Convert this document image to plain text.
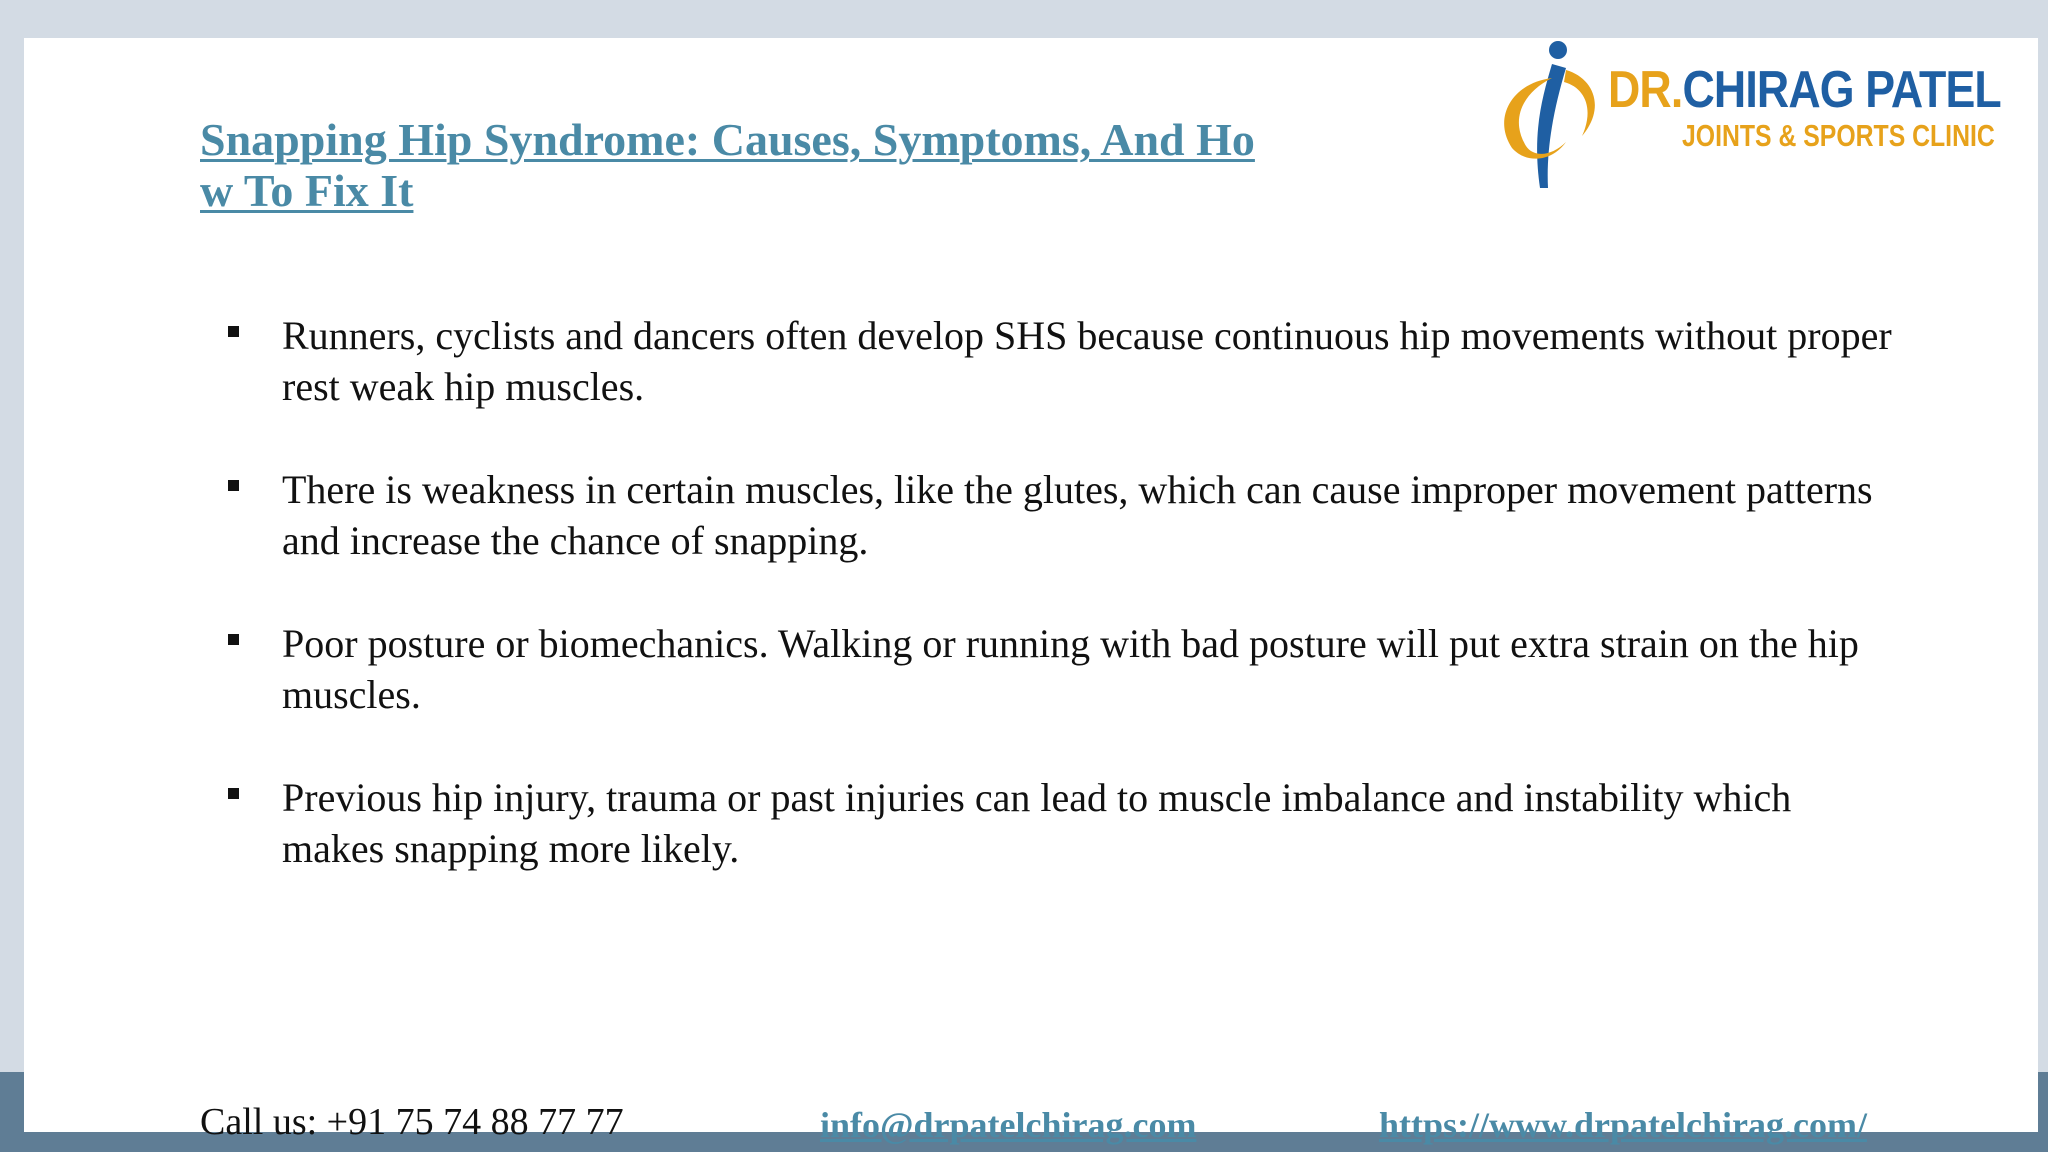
Snapping Hip Syndrome: Causes, Symptoms, And How To Fix It
DR.CHIRAG PATEL
JOINTS & SPORTS CLINIC
Runners, cyclists and dancers often develop SHS because continuous hip movements without proper rest weak hip muscles.
There is weakness in certain muscles, like the glutes, which can cause improper movement patterns and increase the chance of snapping.
Poor posture or biomechanics. Walking or running with bad posture will put extra strain on the hip muscles.
Previous hip injury, trauma or past injuries can lead to muscle imbalance and instability which makes snapping more likely.
Call us: +91 75 74 88 77 77	info@drpatelchirag.com	https://www.drpatelchirag.com/
